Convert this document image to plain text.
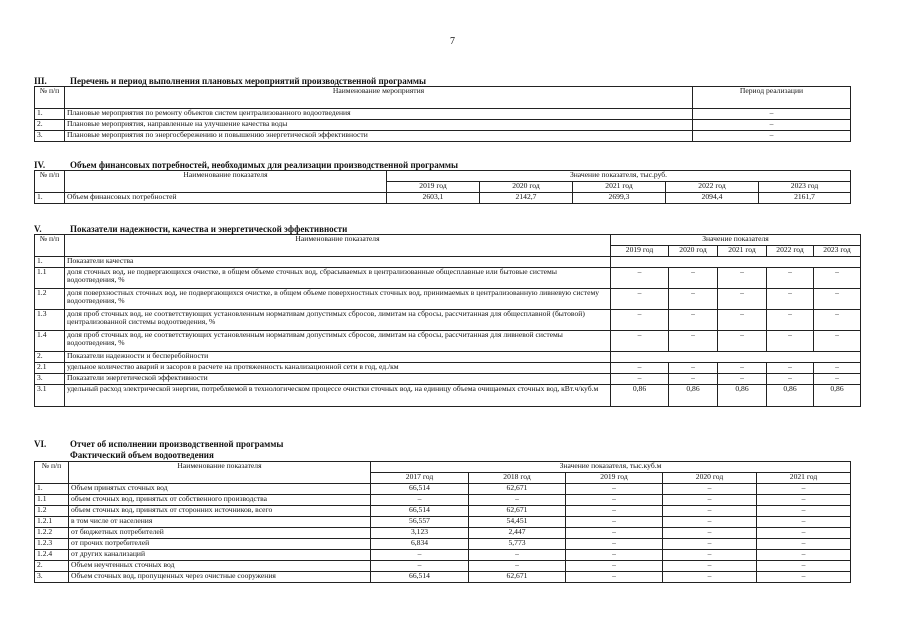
7
III.	Перечень и период выполнения плановых мероприятий производственной программы
№ п/п	Наименование мероприятия	Период реализации
1.	Плановые мероприятия по ремонту объектов систем централизованного водоотведения	–
2.	Плановые мероприятия, направленные на улучшение качества воды	–
3.	Плановые мероприятия по энергосбережению и повышению энергетической эффективности	–
IV.	Объем финансовых потребностей, необходимых для реализации производственной программы
№ п/п	Наименование показателя	Значение показателя, тыс.руб.				
		2019 год	2020 год	2021 год	2022 год	2023 год
1.	Объем финансовых потребностей	2603,1	2142,7	2699,3	2094,4	2161,7
V.	Показатели надежности, качества и энергетической эффективности
№ п/п	Наименование показателя	Значение показателя				
		2019 год	2020 год	2021 год	2022 год	2023 год
1.	Показатели качества					
1.1	доля сточных вод, не подвергающихся очистке, в общем объеме сточных вод, сбрасываемых в централизованные общесплавные или бытовые системы водоотведения, %	–	–	–	–	–
1.2	доля поверхностных сточных вод, не подвергающихся очистке, в общем объеме поверхностных сточных вод, принимаемых в централизованную ливневую систему водоотведения, %	–	–	–	–	–
1.3	доля проб сточных вод, не соответствующих установленным нормативам допустимых сбросов, лимитам на сбросы, рассчитанная для общесплавной (бытовой) централизованной системы водоотведения, %	–	–	–	–	–
1.4	доля проб сточных вод, не соответствующих установленным нормативам допустимых сбросов, лимитам на сбросы, рассчитанная для ливневой системы водоотведения, %	–	–	–	–	–
2.	Показатели надежности и бесперебойности					
2.1	удельное количество аварий и засоров в расчете на протяженность канализационной сети в год, ед./км	–	–	–	–	–
3.	Показатели энергетической эффективности	–	–	–	–	–
3.1	удельный расход электрической энергии, потребляемой в технологическом процессе очистки сточных вод, на единицу объема очищаемых сточных вод, кВт.ч/куб.м	0,86	0,86	0,86	0,86	0,86
VI.	Отчет об исполнении производственной программы
Фактический объем водоотведения
№ п/п	Наименование показателя	Значение показателя, тыс.куб.м				
		2017 год	2018 год	2019 год	2020 год	2021 год
1.	Объем принятых сточных вод	66,514	62,671	–	–	–
1.1	объем сточных вод, принятых от собственного производства	–	–	–	–	–
1.2	объем сточных вод, принятых от сторонних источников, всего	66,514	62,671	–	–	–
1.2.1	в том числе от населения	56,557	54,451	–	–	–
1.2.2	от бюджетных потребителей	3,123	2,447	–	–	–
1.2.3	от прочих потребителей	6,834	5,773	–	–	–
1.2.4	от других канализаций	–	–	–	–	–
2.	Объем неучтенных сточных вод	–	–	–	–	–
3.	Объем сточных вод, пропущенных через очистные сооружения	66,514	62,671	–	–	–
